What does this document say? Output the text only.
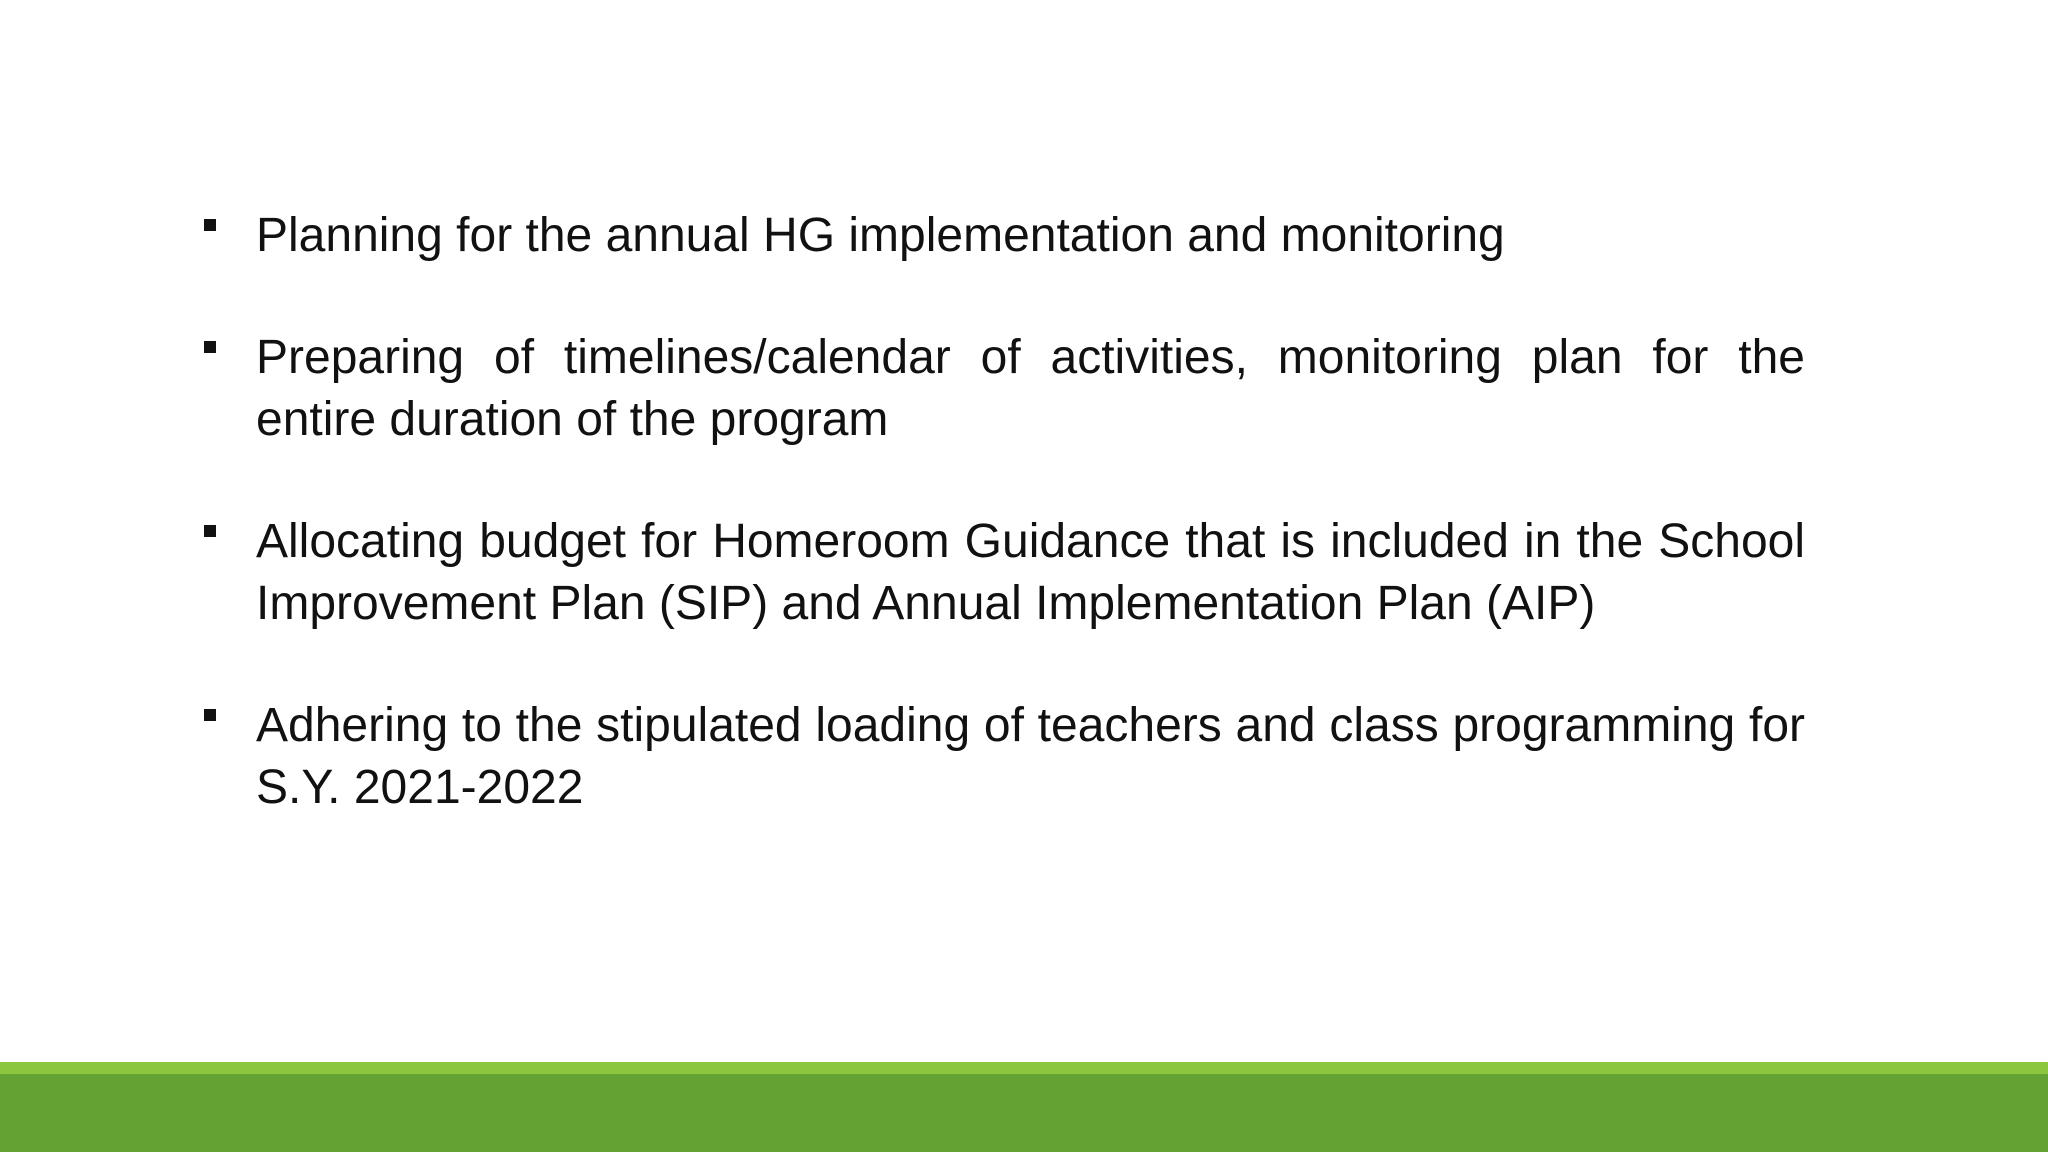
Planning for the annual HG implementation and monitoring
Preparing of timelines/calendar of activities, monitoring plan for the entire duration of the program
Allocating budget for Homeroom Guidance that is included in the School Improvement Plan (SIP) and Annual Implementation Plan (AIP)
Adhering to the stipulated loading of teachers and class programming for S.Y. 2021-2022
